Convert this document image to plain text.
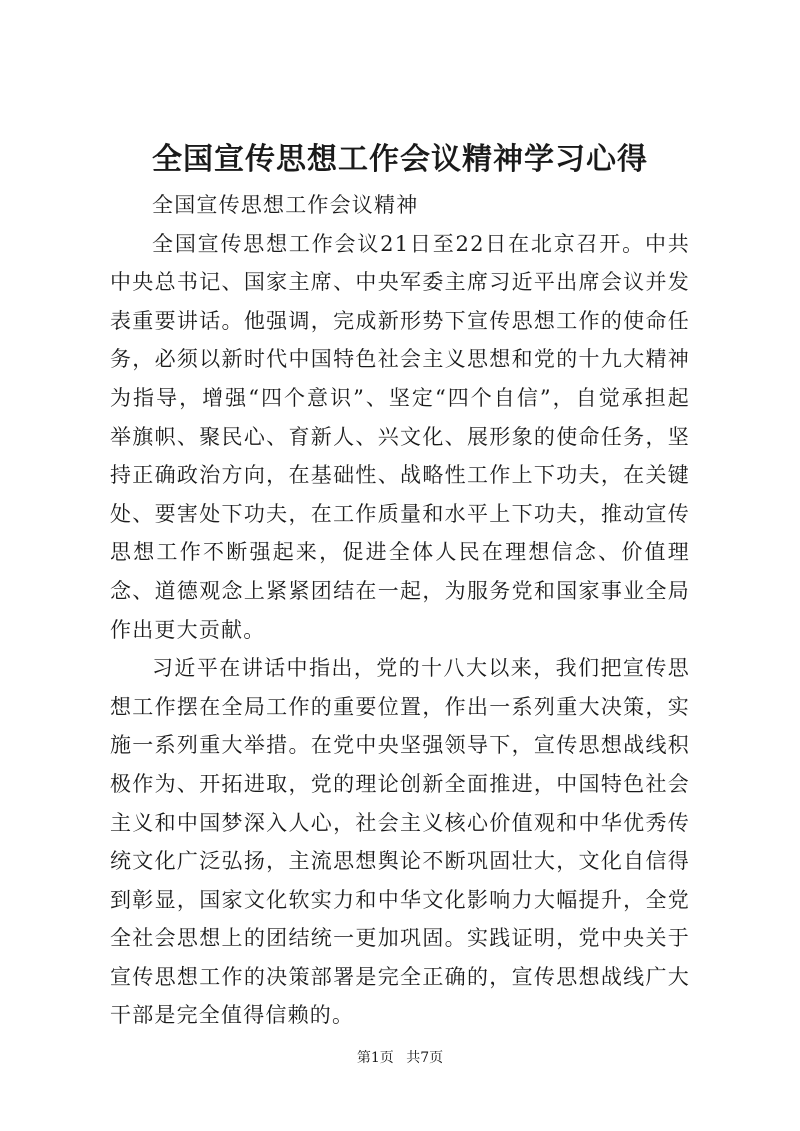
全国宣传思想工作会议精神学习心得

全国宣传思想工作会议精神

全国宣传思想工作会议21日至22日在北京召开。中共中央总书记、国家主席、中央军委主席习近平出席会议并发表重要讲话。他强调，完成新形势下宣传思想工作的使命任务，必须以新时代中国特色社会主义思想和党的十九大精神为指导，增强“四个意识”、坚定“四个自信”，自觉承担起举旗帜、聚民心、育新人、兴文化、展形象的使命任务，坚持正确政治方向，在基础性、战略性工作上下功夫，在关键处、要害处下功夫，在工作质量和水平上下功夫，推动宣传思想工作不断强起来，促进全体人民在理想信念、价值理念、道德观念上紧紧团结在一起，为服务党和国家事业全局作出更大贡献。

习近平在讲话中指出，党的十八大以来，我们把宣传思想工作摆在全局工作的重要位置，作出一系列重大决策，实施一系列重大举措。在党中央坚强领导下，宣传思想战线积极作为、开拓进取，党的理论创新全面推进，中国特色社会主义和中国梦深入人心，社会主义核心价值观和中华优秀传统文化广泛弘扬，主流思想舆论不断巩固壮大，文化自信得到彰显，国家文化软实力和中华文化影响力大幅提升，全党全社会思想上的团结统一更加巩固。实践证明，党中央关于宣传思想工作的决策部署是完全正确的，宣传思想战线广大干部是完全值得信赖的。

第1页 共7页
